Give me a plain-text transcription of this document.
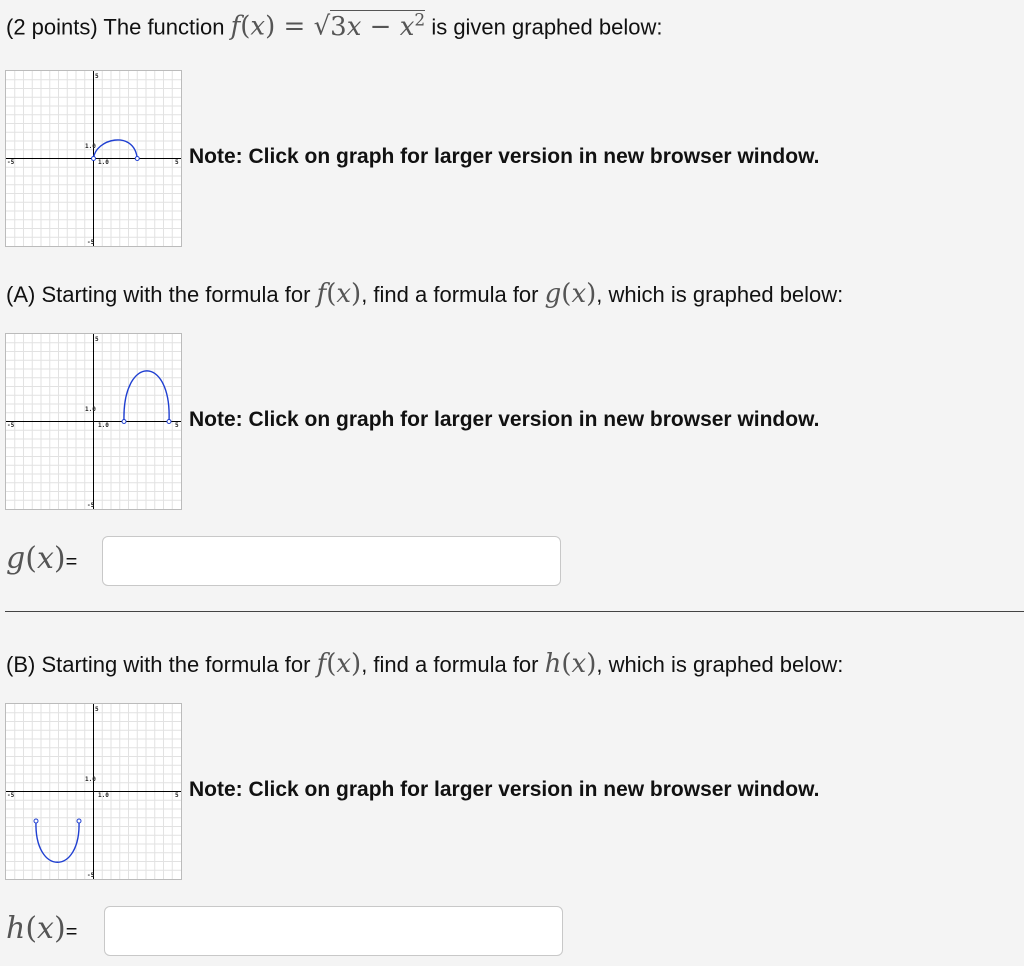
(2 points) The function $f(x) = √3x - x^2$ is given graphed below:
5
-5
-5	5
1.0
1.0	Note: Click on graph for larger version in new browser window.
(A) Starting with the formula for f(x), find a formula for g(x), which is graphed below:
5
-5
-5	5
1.0
1.0	Note: Click on graph for larger version in new browser window.
g(x)=
(B) Starting with the formula for f(x), find a formula for h(x), which is graphed below:
5
-5
-5	5
1.0
1.0	Note: Click on graph for larger version in new browser window.
h(x)=
